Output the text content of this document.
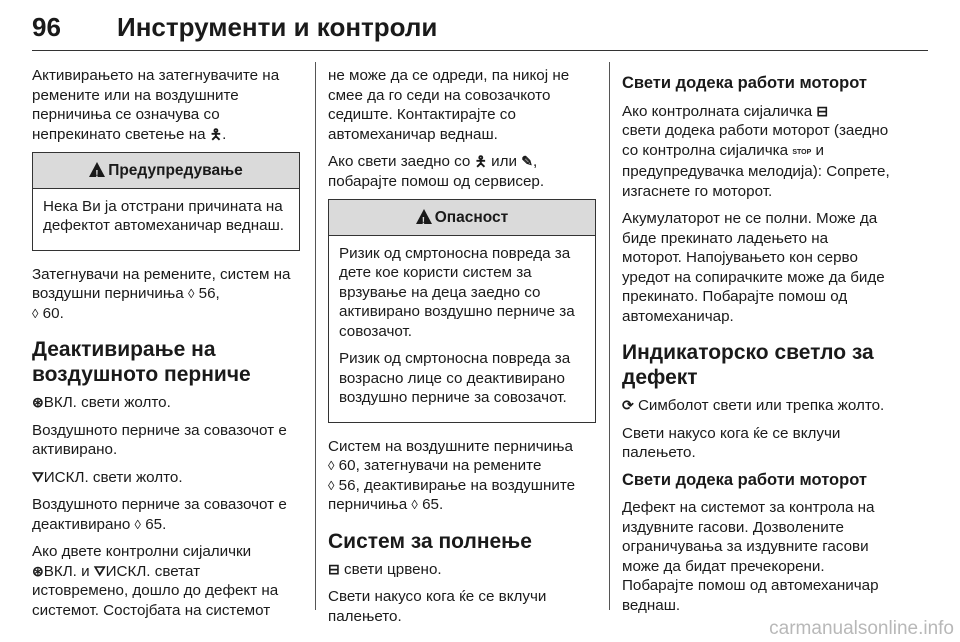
96 Инструменти и контроли

Активирањето на затегнувачите на ремените или на воздушните перничиња се означува со непрекинато светење на 🯅.

!Предупредување

Нека Ви ја отстрани причината на дефектот автомеханичар веднаш.

Затегнувачи на ремените, систем на воздушни перничиња ◊ 56,
◊ 60.

Деактивирање на воздушното перниче

⊛ВКЛ. свети жолто.

Воздушното перниче за совазочот е активирано.

⛛ИСКЛ. свети жолто.

Воздушното перниче за совазочот е деактивирано ◊ 65.

Ако двете контролни сијалички
⊛ВКЛ. и ⛛ИСКЛ. светат истовремено, дошло до дефект на системот. Состојбата на системот

не може да се одреди, па никој не смее да го седи на совозачкото седиште. Контактирајте со автомеханичар веднаш.

Ако свети заедно со 🯅 или ✎, побарајте помош од сервисер.

!Опасност

Ризик од смртоносна повреда за дете кое користи систем за врзување на деца заедно со активирано воздушно перниче за совозачот.

Ризик од смртоносна повреда за возрасно лице со деактивирано воздушно перниче за совозачот.

Систем на воздушните перничиња
◊ 60, затегнувачи на ремените
◊ 56, деактивирање на воздушните перничиња ◊ 65.

Систем за полнење

⊟ свети црвено.

Свети накусо кога ќе се вклучи палењето.

Свети додека работи моторот

Ако контролната сијаличка ⊟
свети додека работи моторот (заедно со контролна сијаличка STOP и предупредувачка мелодија): Сопрете, изгаснете го моторот.

Акумулаторот не се полни. Може да биде прекинато ладењето на моторот. Напојувањето кон серво уредот на сопирачките може да биде прекинато. Побарајте помош од автомеханичар.

Индикаторско светло за дефект

⟳ Симболот свети или трепка жолто.

Свети накусо кога ќе се вклучи палењето.

Свети додека работи моторот

Дефект на системот за контрола на издувните гасови. Дозволените ограничувања за издувните гасови може да бидат пречекорени. Побарајте помош од автомеханичар веднаш.

carmanualsonline.info
